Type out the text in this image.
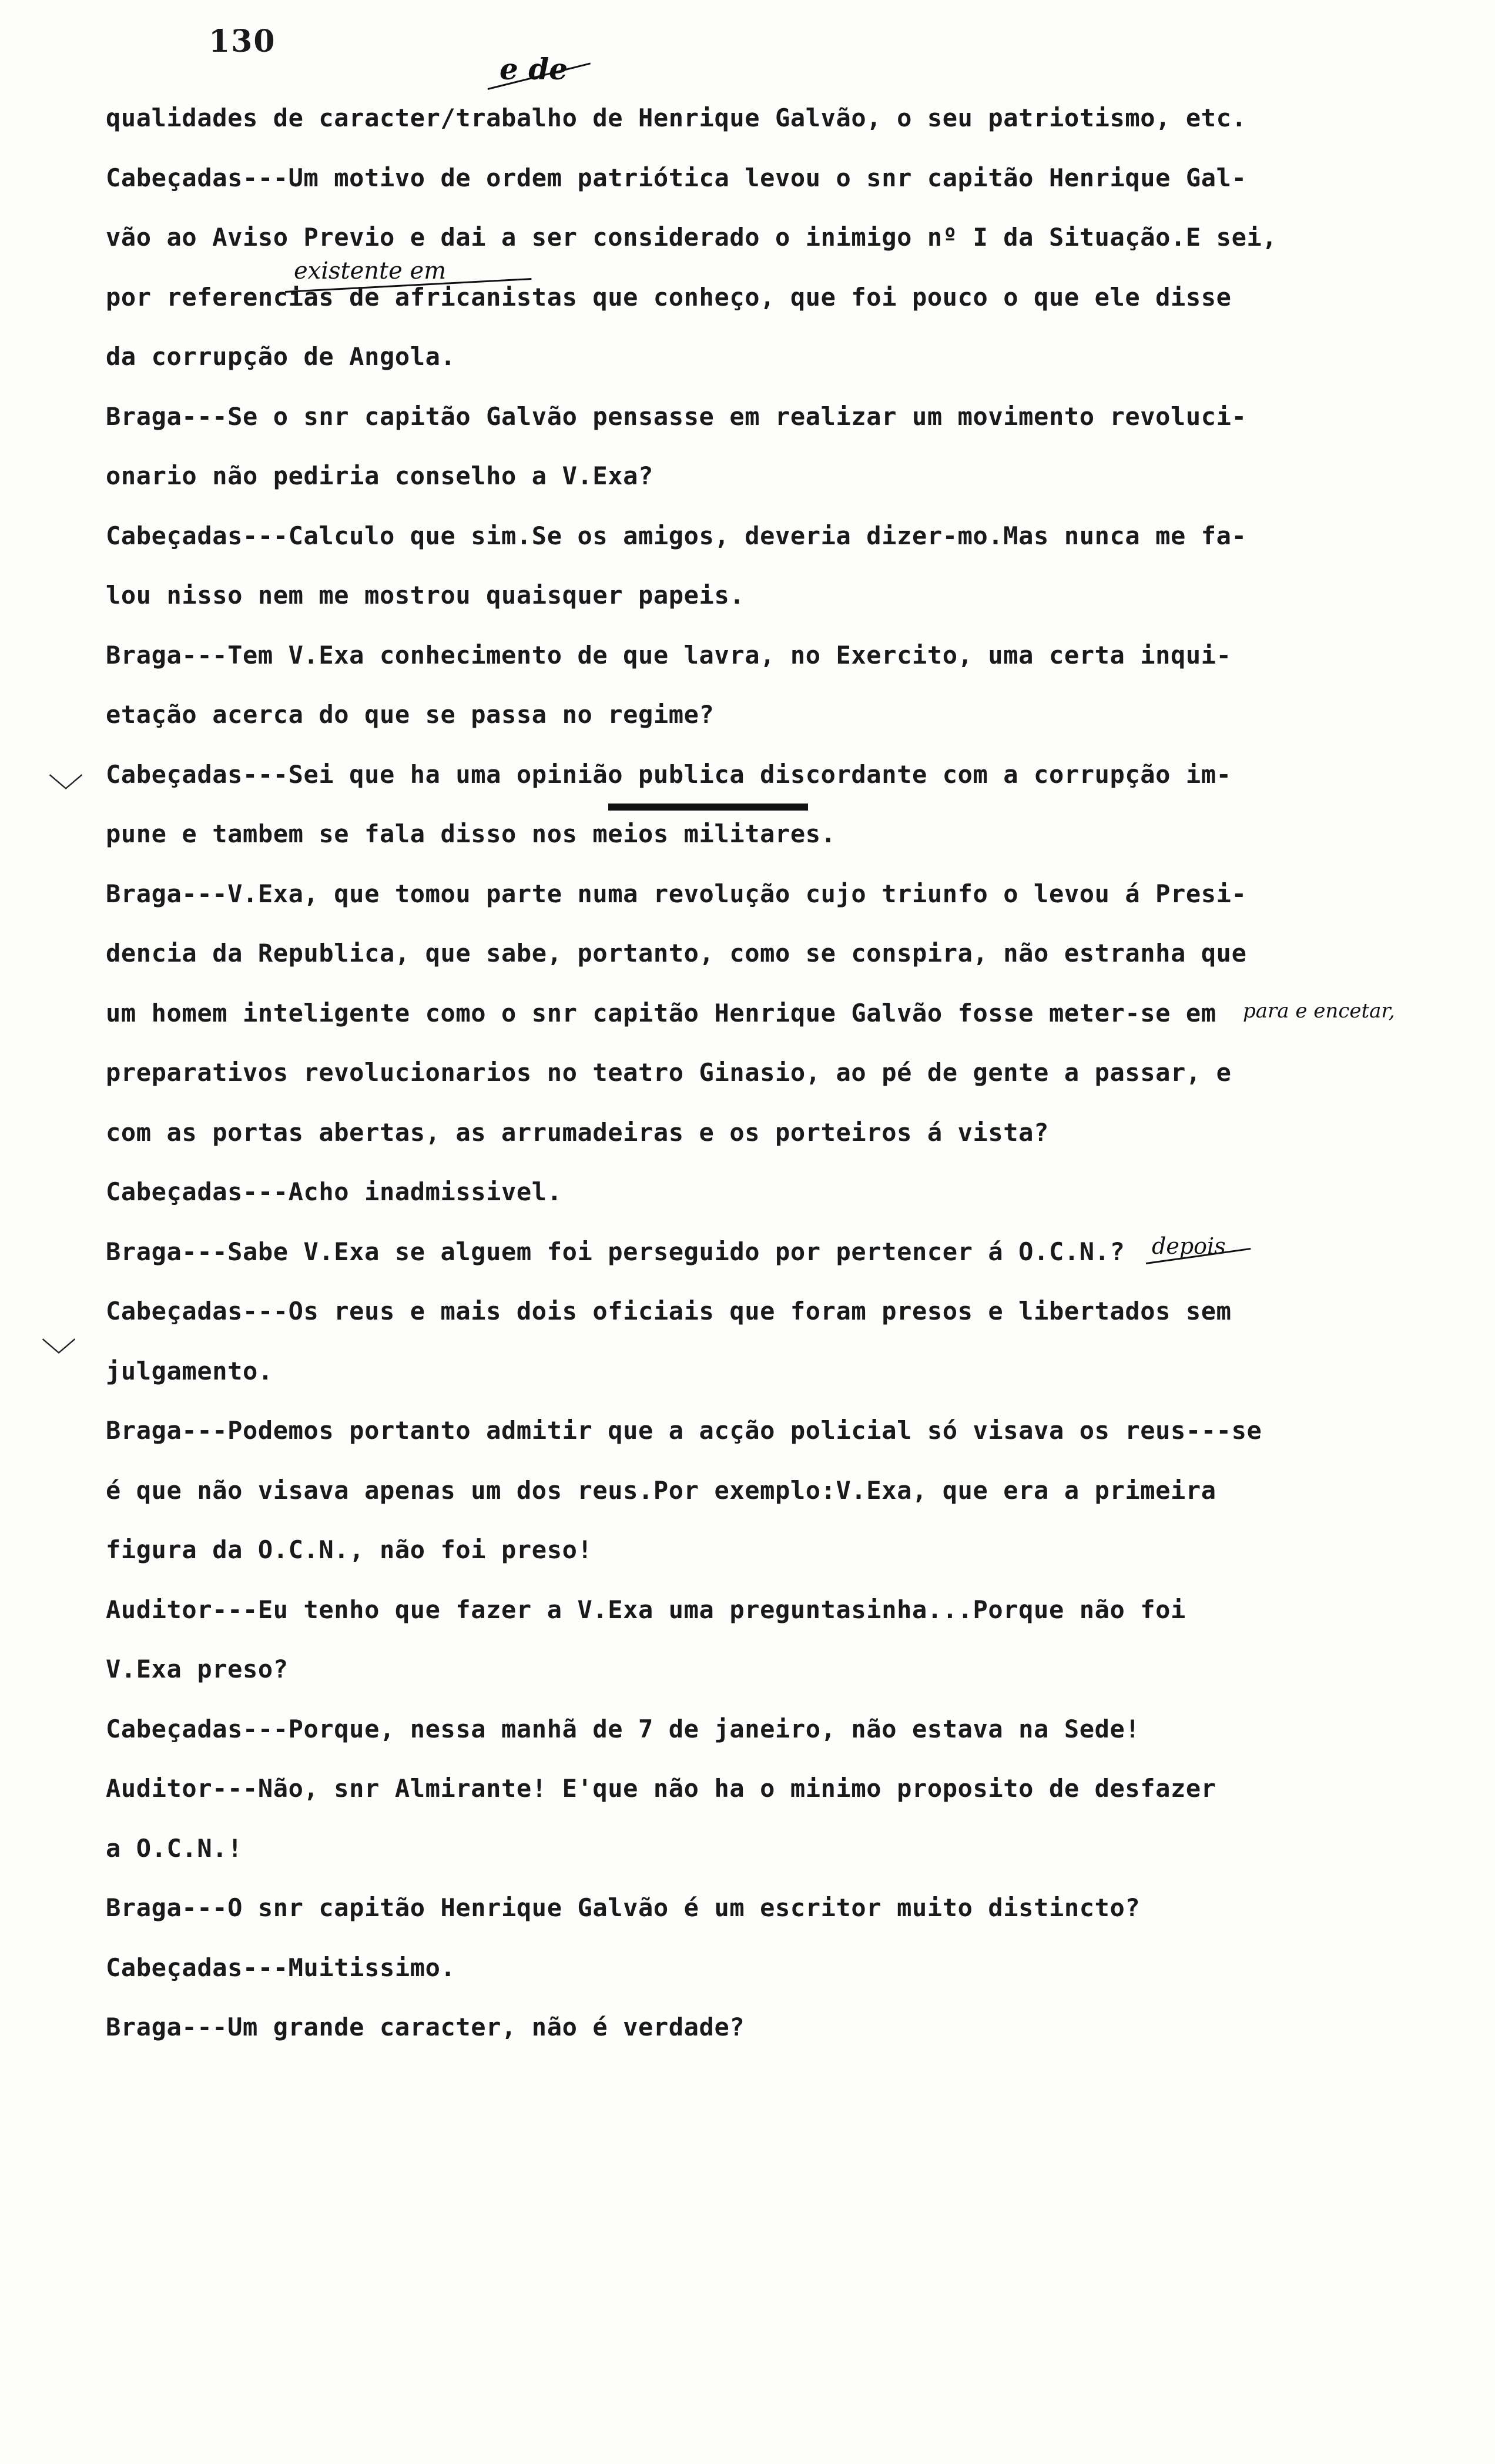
130
e de
existente em
para e encetar,
depois
﹀
﹀
qualidades de caracter/trabalho de Henrique Galvão, o seu patriotismo, etc.
Cabeçadas---Um motivo de ordem patriótica levou o snr capitão Henrique Gal-
vão ao Aviso Previo e dai a ser considerado o inimigo nº I da Situação.E sei,
por referencias de africanistas que conheço, que foi pouco o que ele disse
da corrupção de Angola.
Braga---Se o snr capitão Galvão pensasse em realizar um movimento revoluci-
onario não pediria conselho a V.Exa?
Cabeçadas---Calculo que sim.Se os amigos, deveria dizer-mo.Mas nunca me fa-
lou nisso nem me mostrou quaisquer papeis.
Braga---Tem V.Exa conhecimento de que lavra, no Exercito, uma certa inqui-
etação acerca do que se passa no regime?
Cabeçadas---Sei que ha uma opinião publica discordante com a corrupção im-
pune e tambem se fala disso nos meios militares.
Braga---V.Exa, que tomou parte numa revolução cujo triunfo o levou á Presi-
dencia da Republica, que sabe, portanto, como se conspira, não estranha que
um homem inteligente como o snr capitão Henrique Galvão fosse meter-se em
preparativos revolucionarios no teatro Ginasio, ao pé de gente a passar, e
com as portas abertas, as arrumadeiras e os porteiros á vista?
Cabeçadas---Acho inadmissivel.
Braga---Sabe V.Exa se alguem foi perseguido por pertencer á O.C.N.?
Cabeçadas---Os reus e mais dois oficiais que foram presos e libertados sem
julgamento.
Braga---Podemos portanto admitir que a acção policial só visava os reus---se
é que não visava apenas um dos reus.Por exemplo:V.Exa, que era a primeira
figura da O.C.N., não foi preso!
Auditor---Eu tenho que fazer a V.Exa uma preguntasinha...Porque não foi
V.Exa preso?
Cabeçadas---Porque, nessa manhã de 7 de janeiro, não estava na Sede!
Auditor---Não, snr Almirante! E'que não ha o minimo proposito de desfazer
a O.C.N.!
Braga---O snr capitão Henrique Galvão é um escritor muito distincto?
Cabeçadas---Muitissimo.
Braga---Um grande caracter, não é verdade?
